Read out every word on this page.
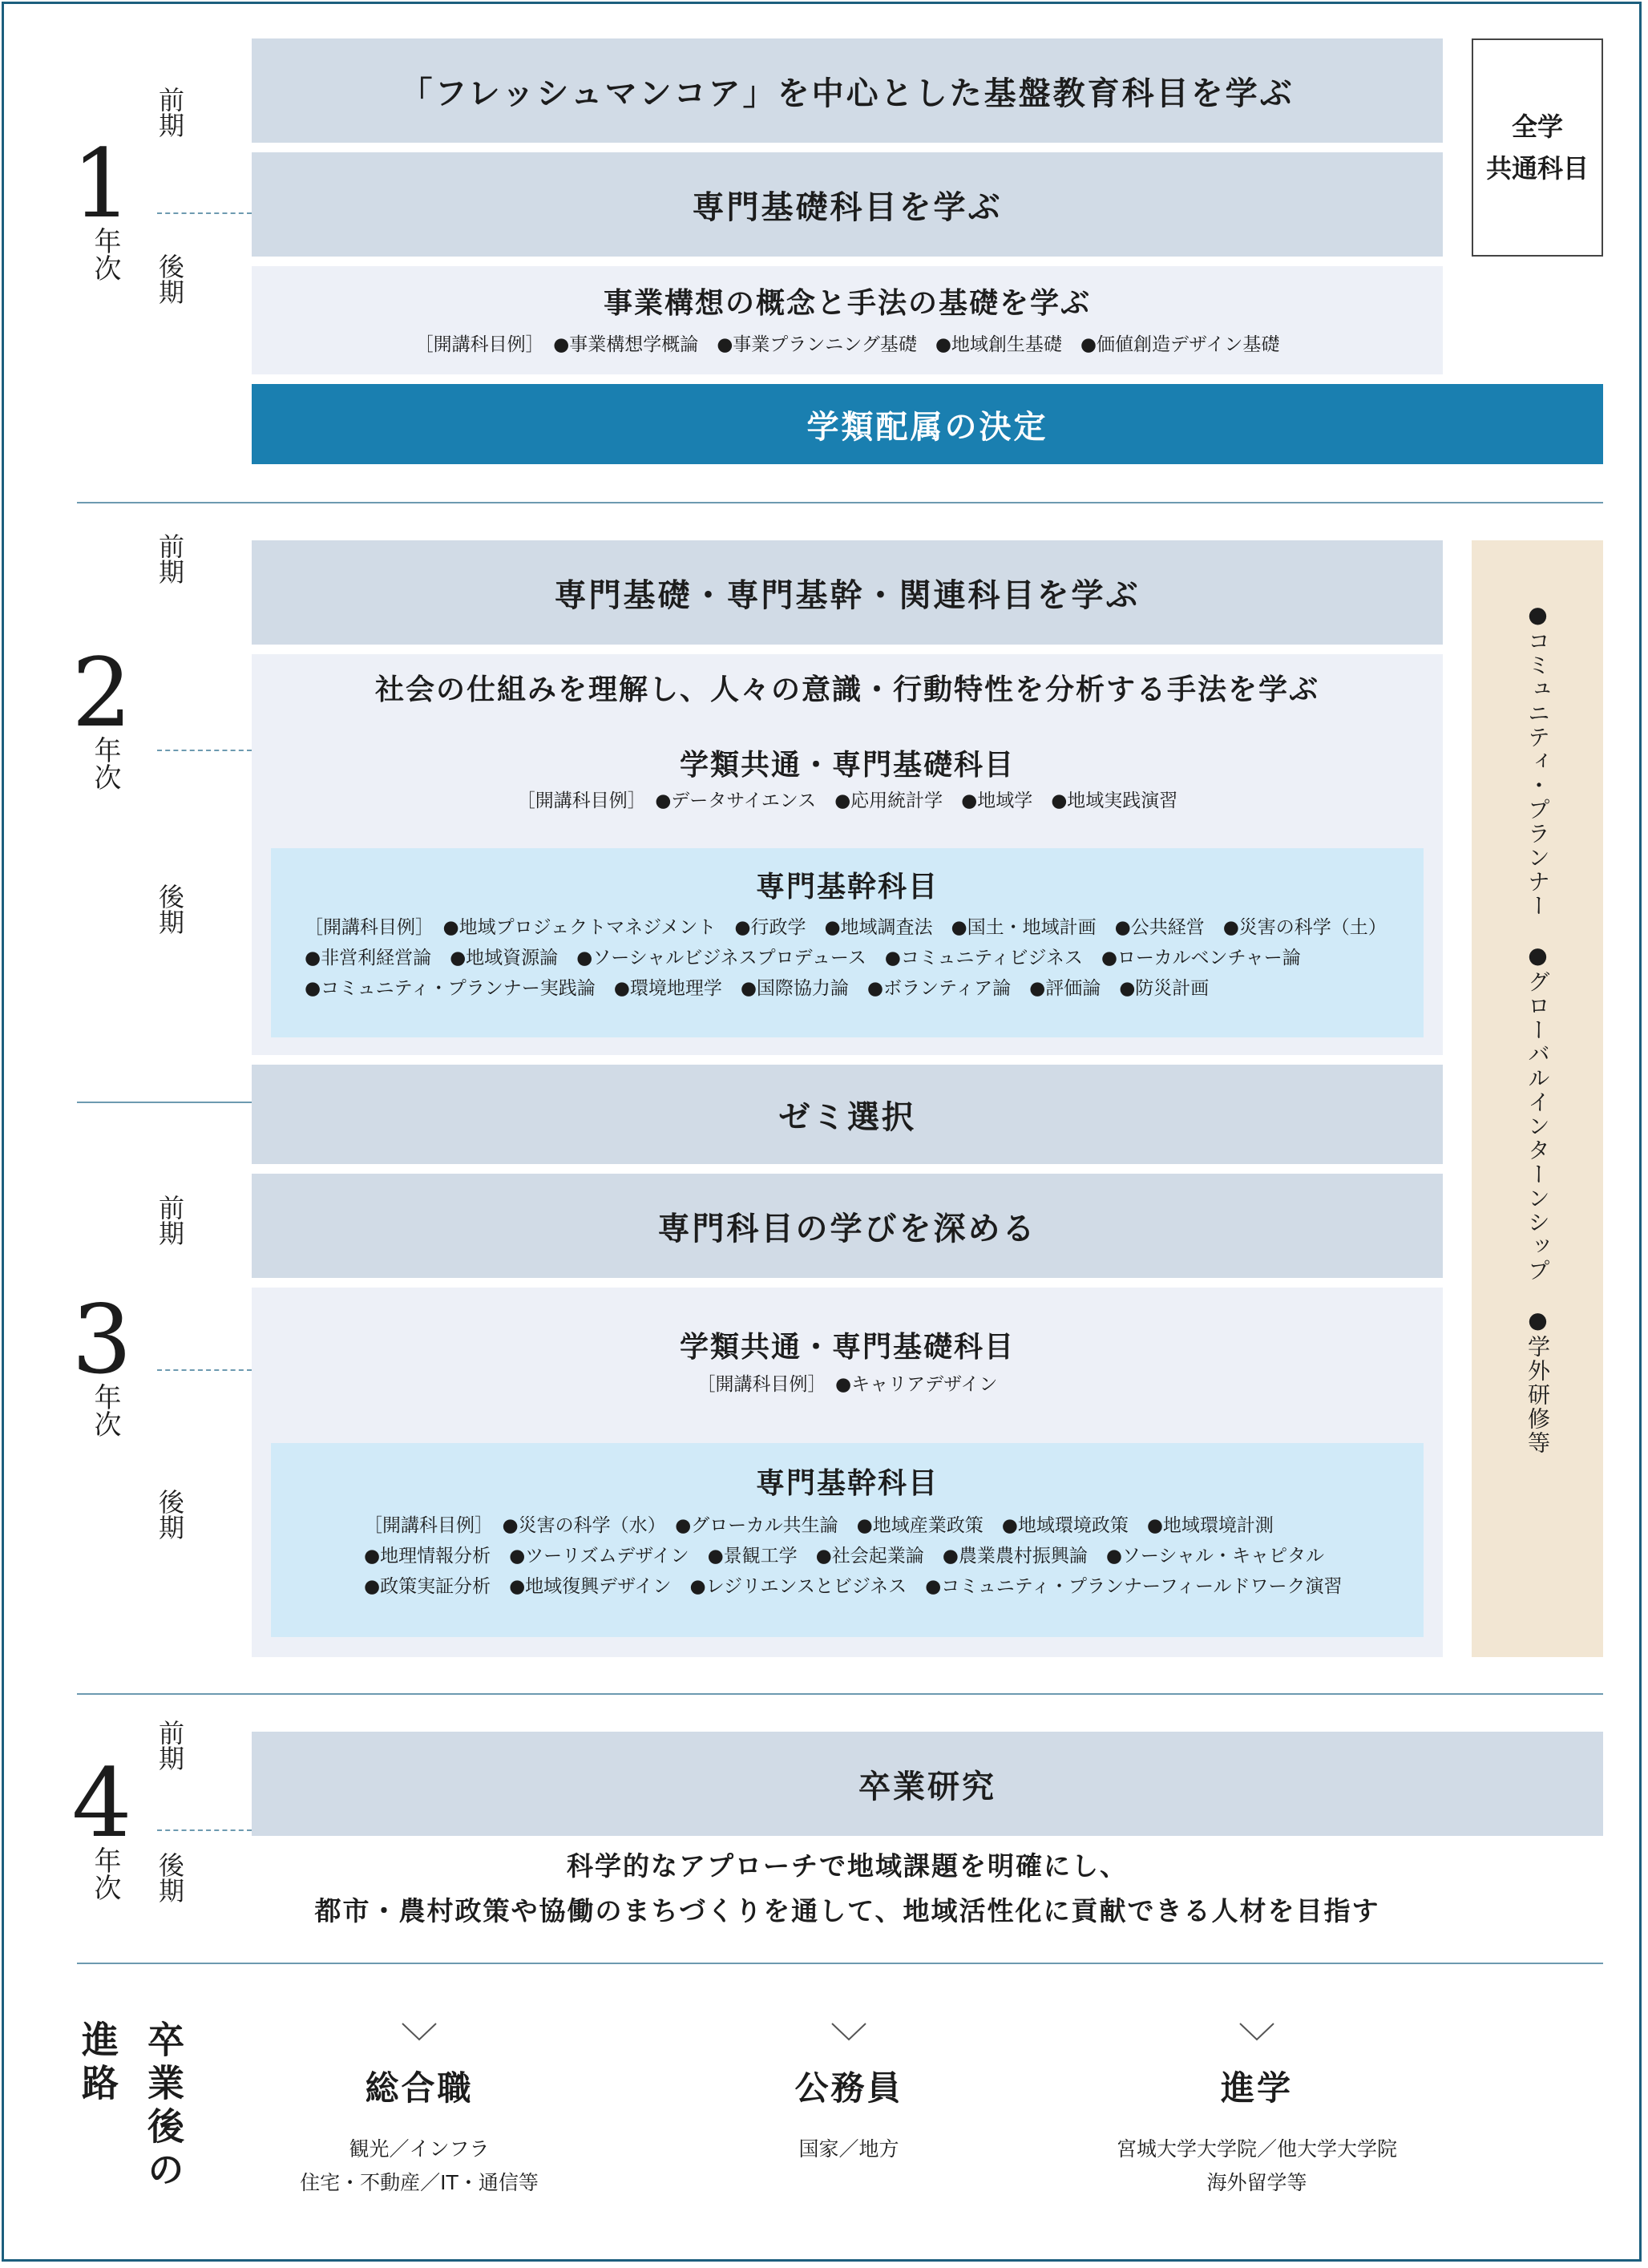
1
年次
前期
後期
「フレッシュマンコア」を中心とした基盤教育科目を学ぶ
専門基礎科目を学ぶ
事業構想の概念と手法の基礎を学ぶ
［開講科目例］　●事業構想学概論　●事業プランニング基礎　●地域創生基礎　●価値創造デザイン基礎
学類配属の決定
全学
共通科目
2
年次
前期
後期
専門基礎・専門基幹・関連科目を学ぶ
社会の仕組みを理解し、人々の意識・行動特性を分析する手法を学ぶ
学類共通・専門基礎科目
［開講科目例］　●データサイエンス　●応用統計学　●地域学　●地域実践演習
専門基幹科目
［開講科目例］　●地域プロジェクトマネジメント　●行政学　●地域調査法　●国土・地域計画　●公共経営　●災害の科学（土）
●非営利経営論　●地域資源論　●ソーシャルビジネスプロデュース　●コミュニティビジネス　●ローカルベンチャー論
●コミュニティ・プランナー実践論　●環境地理学　●国際協力論　●ボランティア論　●評価論　●防災計画	●コミュニティ・プランナー　●グローバルインターンシップ　●学外研修等
ゼミ選択
3
年次
前期
後期
専門科目の学びを深める
学類共通・専門基礎科目
［開講科目例］　●キャリアデザイン
専門基幹科目
［開講科目例］　●災害の科学（水）　●グローカル共生論　●地域産業政策　●地域環境政策　●地域環境計測
●地理情報分析　●ツーリズムデザイン　●景観工学　●社会起業論　●農業農村振興論　●ソーシャル・キャピタル
●政策実証分析　●地域復興デザイン　●レジリエンスとビジネス　●コミュニティ・プランナーフィールドワーク演習
4
年次
前期
後期
卒業研究
科学的なアプローチで地域課題を明確にし、
都市・農村政策や協働のまちづくりを通して、地域活性化に貢献できる人材を目指す
卒業後の
進路	総合職
観光／インフラ
住宅・不動産／IT・通信等
公務員
国家／地方
進学
宮城大学大学院／他大学大学院
海外留学等
